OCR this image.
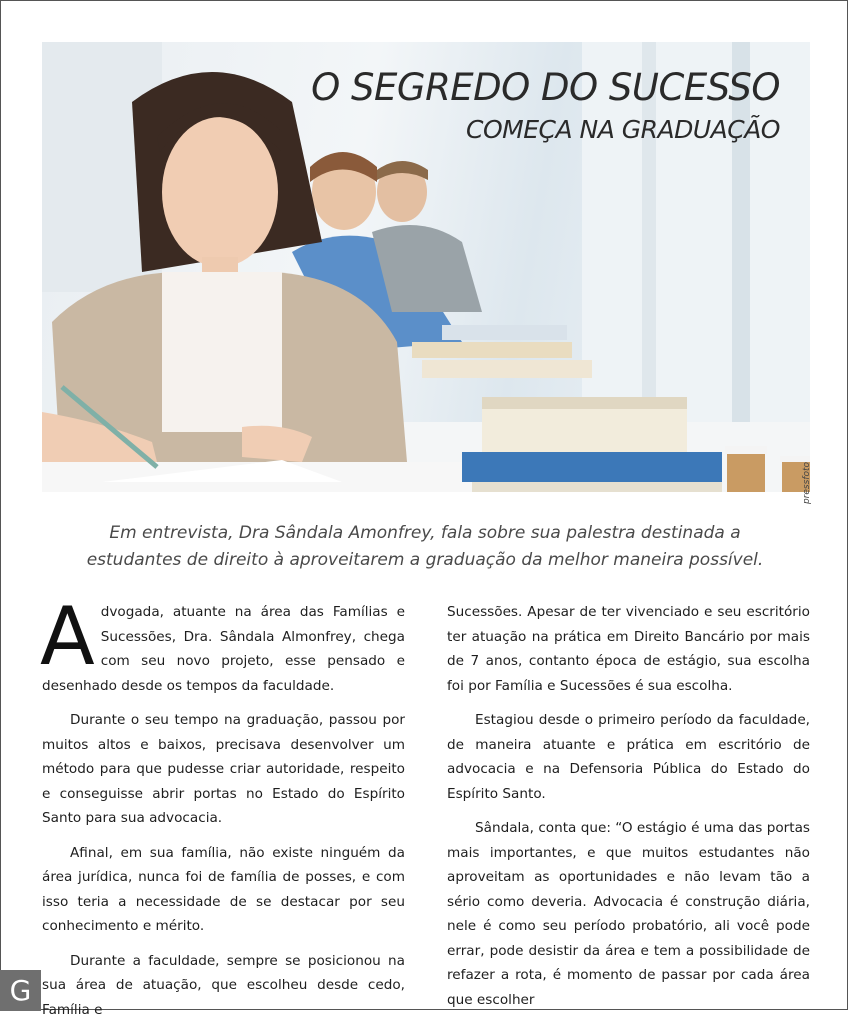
O SEGREDO DO SUCESSO
COMEÇA NA GRADUAÇÃO
pressfoto

Em entrevista, Dra Sândala Amonfrey, fala sobre sua palestra destinada a estudantes de direito à aproveitarem a graduação da melhor maneira possível.

Advogada, atuante na área das Famílias e Sucessões, Dra. Sândala Almonfrey, chega com seu novo projeto, esse pensado e desenhado desde os tempos da faculdade.

Durante o seu tempo na graduação, passou por muitos altos e baixos, precisava desenvolver um método para que pudesse criar autoridade, respeito e conseguisse abrir portas no Estado do Espírito Santo para sua advocacia.

Afinal, em sua família, não existe ninguém da área jurídica, nunca foi de família de posses, e com isso teria a necessidade de se destacar por seu conhecimento e mérito.

Durante a faculdade, sempre se posicionou na sua área de atuação, que escolheu desde cedo, Família e

Sucessões. Apesar de ter vivenciado e seu escritório ter atuação na prática em Direito Bancário por mais de 7 anos, contanto época de estágio, sua escolha foi por Família e Sucessões é sua escolha.

Estagiou desde o primeiro período da faculdade, de maneira atuante e prática em escritório de advocacia e na Defensoria Pública do Estado do Espírito Santo.

Sândala, conta que: “O estágio é uma das portas mais importantes, e que muitos estudantes não aproveitam as oportunidades e não levam tão a sério como deveria. Advocacia é construção diária, nele é como seu período probatório, ali você pode errar, pode desistir da área e tem a possibilidade de refazer a rota, é momento de passar por cada área que escolher

G
